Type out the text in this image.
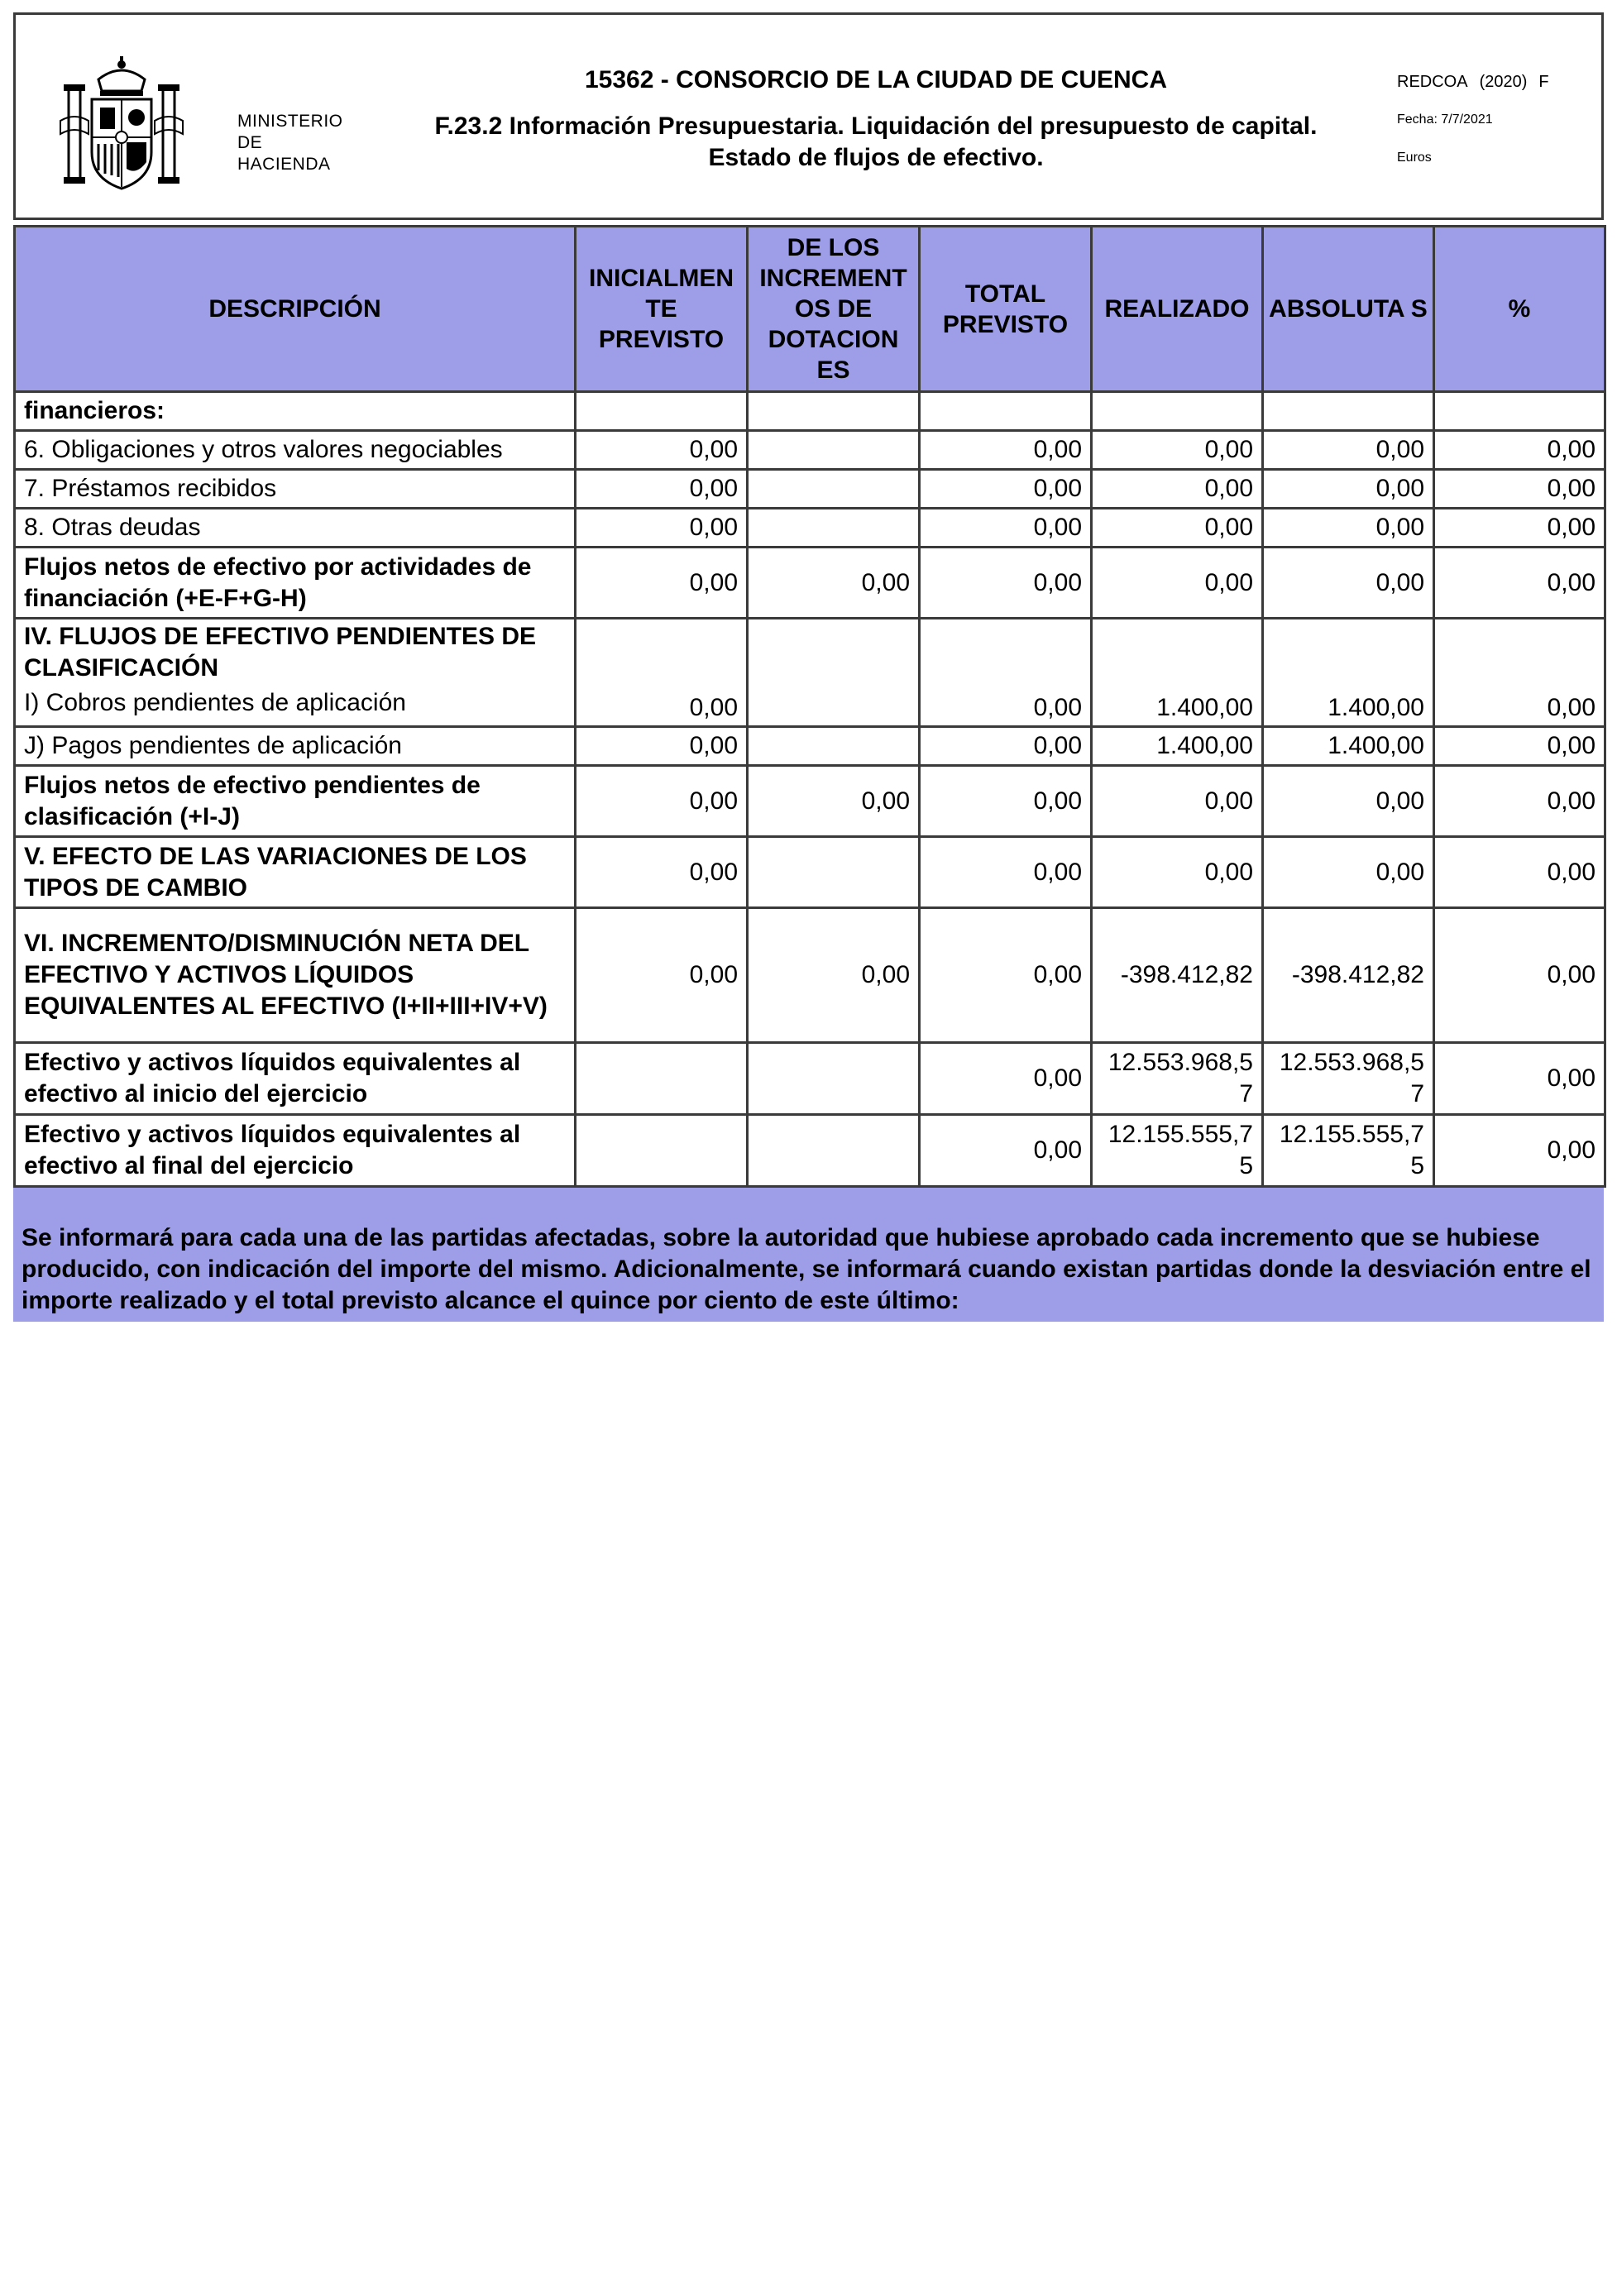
MINISTERIO
DE HACIENDA
15362 - CONSORCIO DE LA CIUDAD DE CUENCA
F.23.2 Información Presupuestaria. Liquidación del presupuesto de capital.
Estado de flujos de efectivo.
REDCOA (2020) F
Fecha: 7/7/2021
Euros
DESCRIPCIÓN	INICIALMEN TE PREVISTO	DE LOS INCREMENT OS DE DOTACION ES	TOTAL PREVISTO	REALIZADO	ABSOLUTA S	%
financieros:						
6. Obligaciones y otros valores negociables	0,00		0,00	0,00	0,00	0,00
7. Préstamos recibidos	0,00		0,00	0,00	0,00	0,00
8. Otras deudas	0,00		0,00	0,00	0,00	0,00
Flujos netos de efectivo por actividades de financiación (+E-F+G-H)	0,00	0,00	0,00	0,00	0,00	0,00

IV. FLUJOS DE EFECTIVO PENDIENTES DE CLASIFICACIÓN
I) Cobros pendientes de aplicación	0,00		0,00	1.400,00	1.400,00	0,00
J) Pagos pendientes de aplicación	0,00		0,00	1.400,00	1.400,00	0,00
Flujos netos de efectivo pendientes de clasificación (+I-J)	0,00	0,00	0,00	0,00	0,00	0,00
V. EFECTO DE LAS VARIACIONES DE LOS TIPOS DE CAMBIO	0,00		0,00	0,00	0,00	0,00
VI. INCREMENTO/DISMINUCIÓN NETA DEL EFECTIVO Y ACTIVOS LÍQUIDOS EQUIVALENTES AL EFECTIVO (I+II+III+IV+V)	0,00	0,00	0,00	-398.412,82	-398.412,82	0,00
Efectivo y activos líquidos equivalentes al efectivo al inicio del ejercicio			0,00	12.553.968,5 7	12.553.968,5 7	0,00
Efectivo y activos líquidos equivalentes al efectivo al final del ejercicio			0,00	12.155.555,7 5	12.155.555,7 5	0,00
Se informará para cada una de las partidas afectadas, sobre la autoridad que hubiese aprobado cada incremento que se hubiese producido, con indicación del importe del mismo. Adicionalmente, se informará cuando existan partidas donde la desviación entre el importe realizado y el total previsto alcance el quince por ciento de este último:
